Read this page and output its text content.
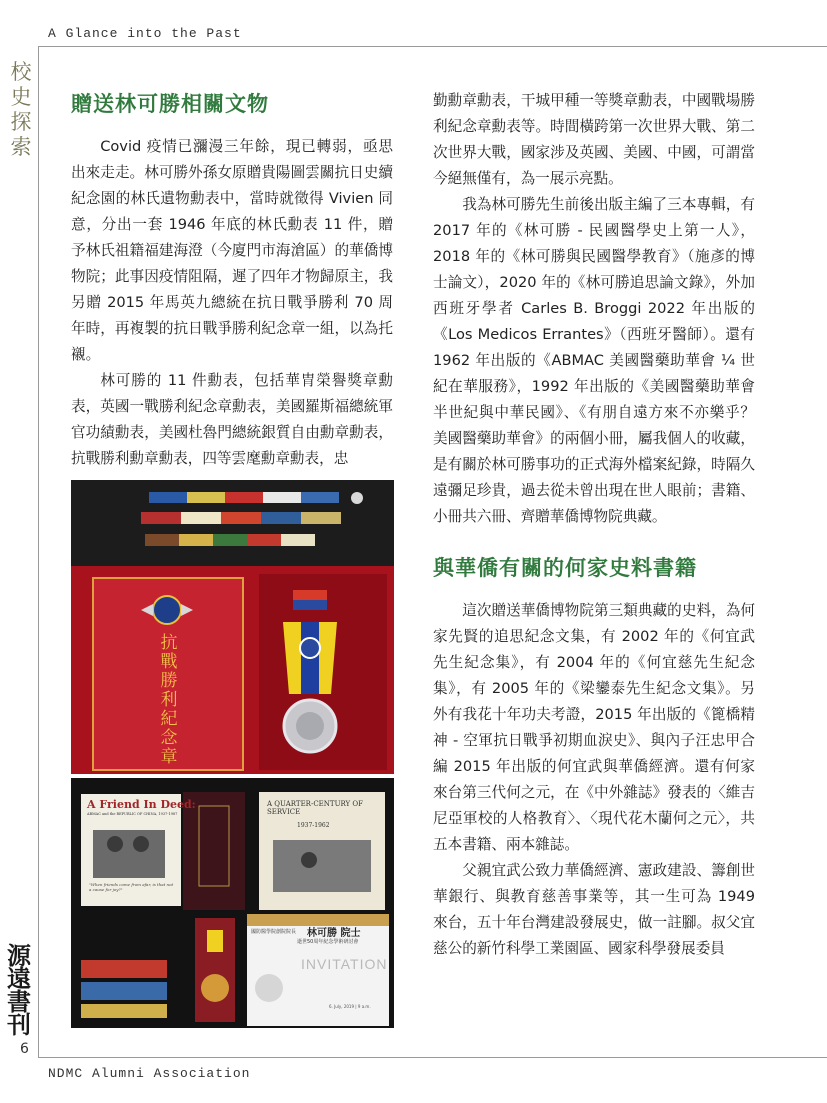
A Glance into the Past
校史探索
源遠書刊
6
NDMC Alumni Association
贈送林可勝相關文物

Covid 疫情已瀰漫三年餘，現已轉弱，亟思出來走走。林可勝外孫女原贈貴陽圖雲關抗日史續紀念園的林氏遺物勳表中，當時就徵得 Vivien 同意，分出一套 1946 年底的林氏勳表 11 件，贈予林氏祖籍福建海澄（今廈門市海滄區）的華僑博物院；此事因疫情阻隔，遲了四年才物歸原主，我另贈 2015 年馬英九總統在抗日戰爭勝利 70 周年時，再複製的抗日戰爭勝利紀念章一組，以為托襯。

林可勝的 11 件勳表，包括華胄榮譽獎章勳表，英國一戰勝利紀念章勳表，美國羅斯福總統軍官功績勳表，美國杜魯門總統銀質自由勳章勳表，抗戰勝利勳章勳表，四等雲麾勳章勳表，忠

抗戰勝利紀念章
A Friend In Deed:
ABMAC and the REPUBLIC OF CHINA, 1937-1987
"When friends come from afar, is that not a cause for joy?"
A QUARTER-CENTURY OF SERVICE
1937-1962
國防醫學院創院院長 林可勝 院士
逝世50周年紀念學術研討會
INVITATION
6. July, 2019 | 9 a.m.

勤勳章勳表，干城甲種一等獎章勳表，中國戰場勝利紀念章勳表等。時間橫跨第一次世界大戰、第二次世界大戰，國家涉及英國、美國、中國，可謂當今絕無僅有，為一展示亮點。

我為林可勝先生前後出版主編了三本專輯，有 2017 年的《林可勝 - 民國醫學史上第一人》，2018 年的《林可勝與民國醫學教育》（施彥的博士論文），2020 年的《林可勝追思論文錄》，外加西班牙學者 Carles B. Broggi 2022 年出版的《Los Medicos Errantes》（西班牙醫師）。還有 1962 年出版的《ABMAC 美國醫藥助華會 ¼ 世紀在華服務》，1992 年出版的《美國醫藥助華會半世紀與中華民國》、《有朋自遠方來不亦樂乎？ 美國醫藥助華會》的兩個小冊，屬我個人的收藏，是有關於林可勝事功的正式海外檔案紀錄，時隔久遠彌足珍貴，過去從未曾出現在世人眼前；書籍、小冊共六冊、齊贈華僑博物院典藏。

與華僑有關的何家史料書籍

這次贈送華僑博物院第三類典藏的史料，為何家先賢的追思紀念文集，有 2002 年的《何宜武先生紀念集》，有 2004 年的《何宜慈先生紀念集》，有 2005 年的《梁鑾泰先生紀念文集》。另外有我花十年功夫考證，2015 年出版的《篦橋精神 - 空軍抗日戰爭初期血淚史》、與內子汪忠甲合編 2015 年出版的何宜武與華僑經濟。還有何家來台第三代何之元，在《中外雜誌》發表的〈維吉尼亞軍校的人格教育〉、〈現代花木蘭何之元〉，共五本書籍、兩本雜誌。

父親宜武公致力華僑經濟、憲政建設、籌創世華銀行、與教育慈善事業等，其一生可為 1949 來台，五十年台灣建設發展史，做一註腳。叔父宜慈公的新竹科學工業園區、國家科學發展委員
